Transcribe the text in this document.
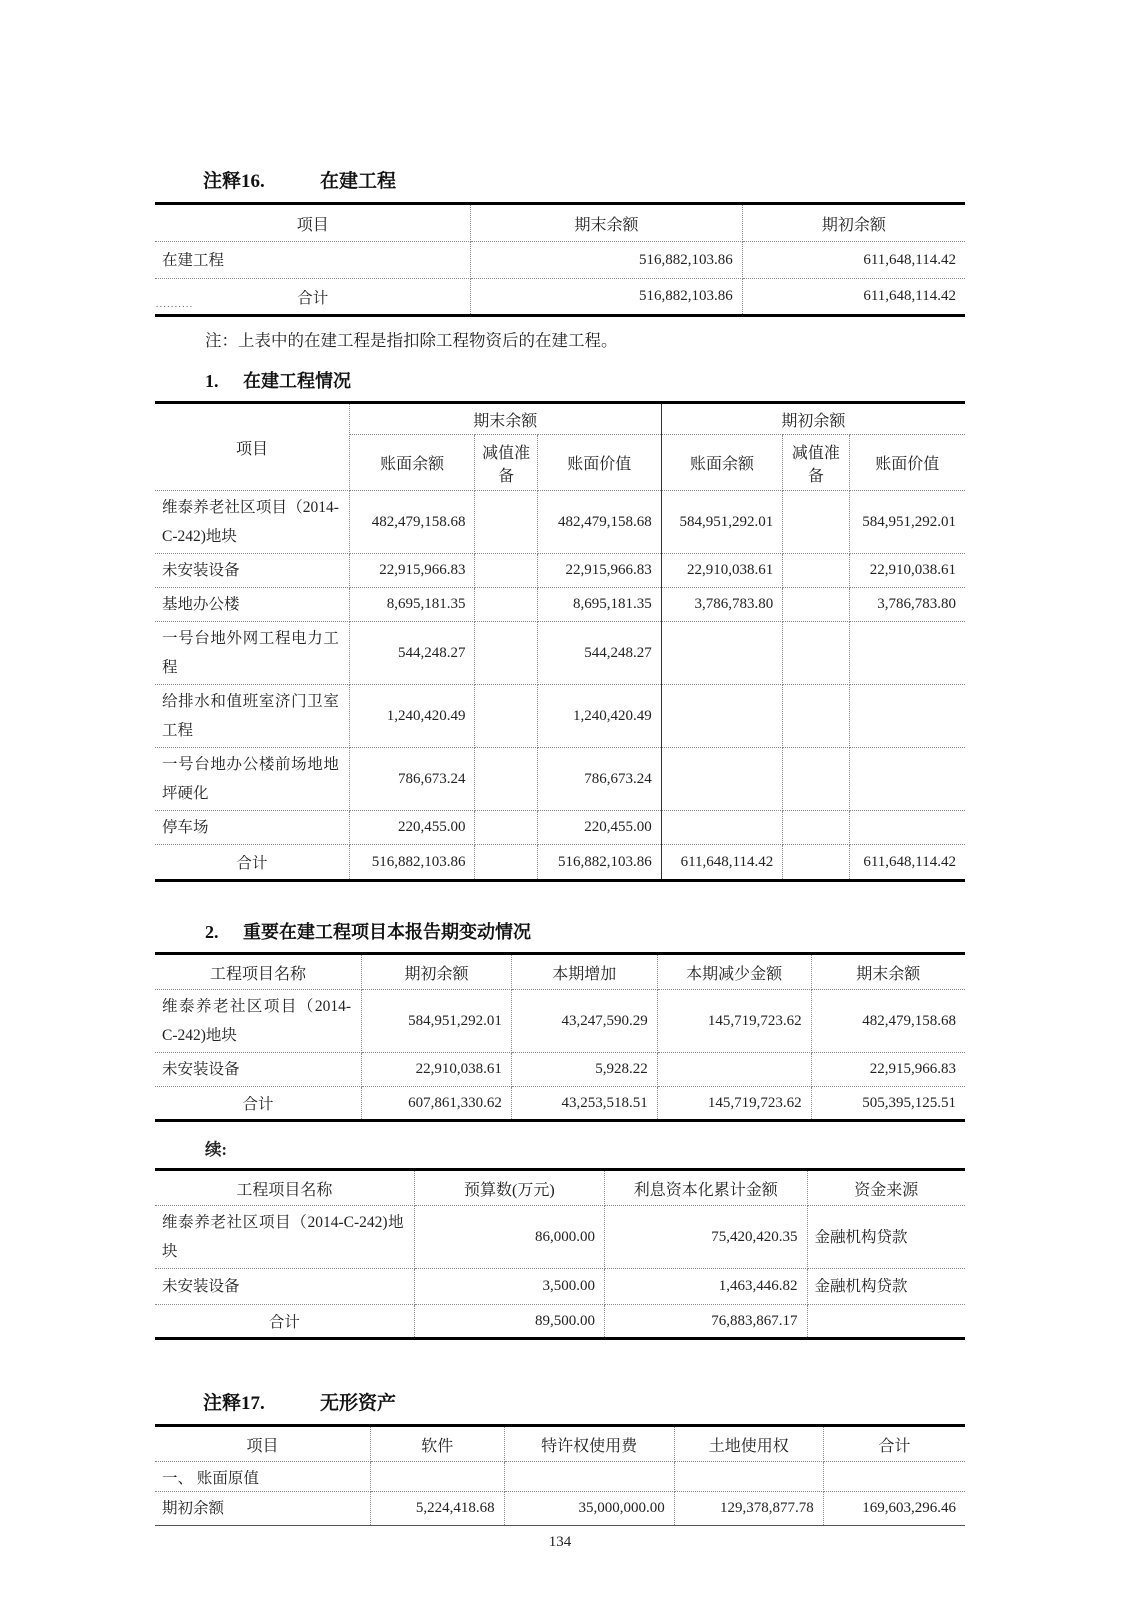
注释16.	在建工程
项目	期末余额	期初余额
在建工程	516,882,103.86	611,648,114.42

.......... 合计	516,882,103.86	611,648,114.42

注：上表中的在建工程是指扣除工程物资后的在建工程。

1.	在建工程情况
项目	期末余额			期初余额		
	账面余额	减值准备	账面价值	账面余额	减值准备	账面价值
维泰养老社区项目（2014-C-242)地块	482,479,158.68		482,479,158.68	584,951,292.01		584,951,292.01
未安装设备	22,915,966.83		22,915,966.83	22,910,038.61		22,910,038.61
基地办公楼	8,695,181.35		8,695,181.35	3,786,783.80		3,786,783.80
一号台地外网工程电力工程	544,248.27		544,248.27			
给排水和值班室济门卫室工程	1,240,420.49		1,240,420.49			
一号台地办公楼前场地地坪硬化	786,673.24		786,673.24			
停车场	220,455.00		220,455.00			
合计	516,882,103.86		516,882,103.86	611,648,114.42		611,648,114.42
2.	重要在建工程项目本报告期变动情况
工程项目名称	期初余额	本期增加	本期减少金额	期末余额
维泰养老社区项目（2014-C-242)地块	584,951,292.01	43,247,590.29	145,719,723.62	482,479,158.68
未安装设备	22,910,038.61	5,928.22		22,915,966.83
合计	607,861,330.62	43,253,518.51	145,719,723.62	505,395,125.51

续:

工程项目名称	预算数(万元)	利息资本化累计金额	资金来源
维泰养老社区项目（2014-C-242)地块	86,000.00	75,420,420.35	金融机构贷款
未安装设备	3,500.00	1,463,446.82	金融机构贷款
合计	89,500.00	76,883,867.17	
注释17.	无形资产
项目	软件	特许权使用费	土地使用权	合计
一、 账面原值				
期初余额	5,224,418.68	35,000,000.00	129,378,877.78	169,603,296.46
134
